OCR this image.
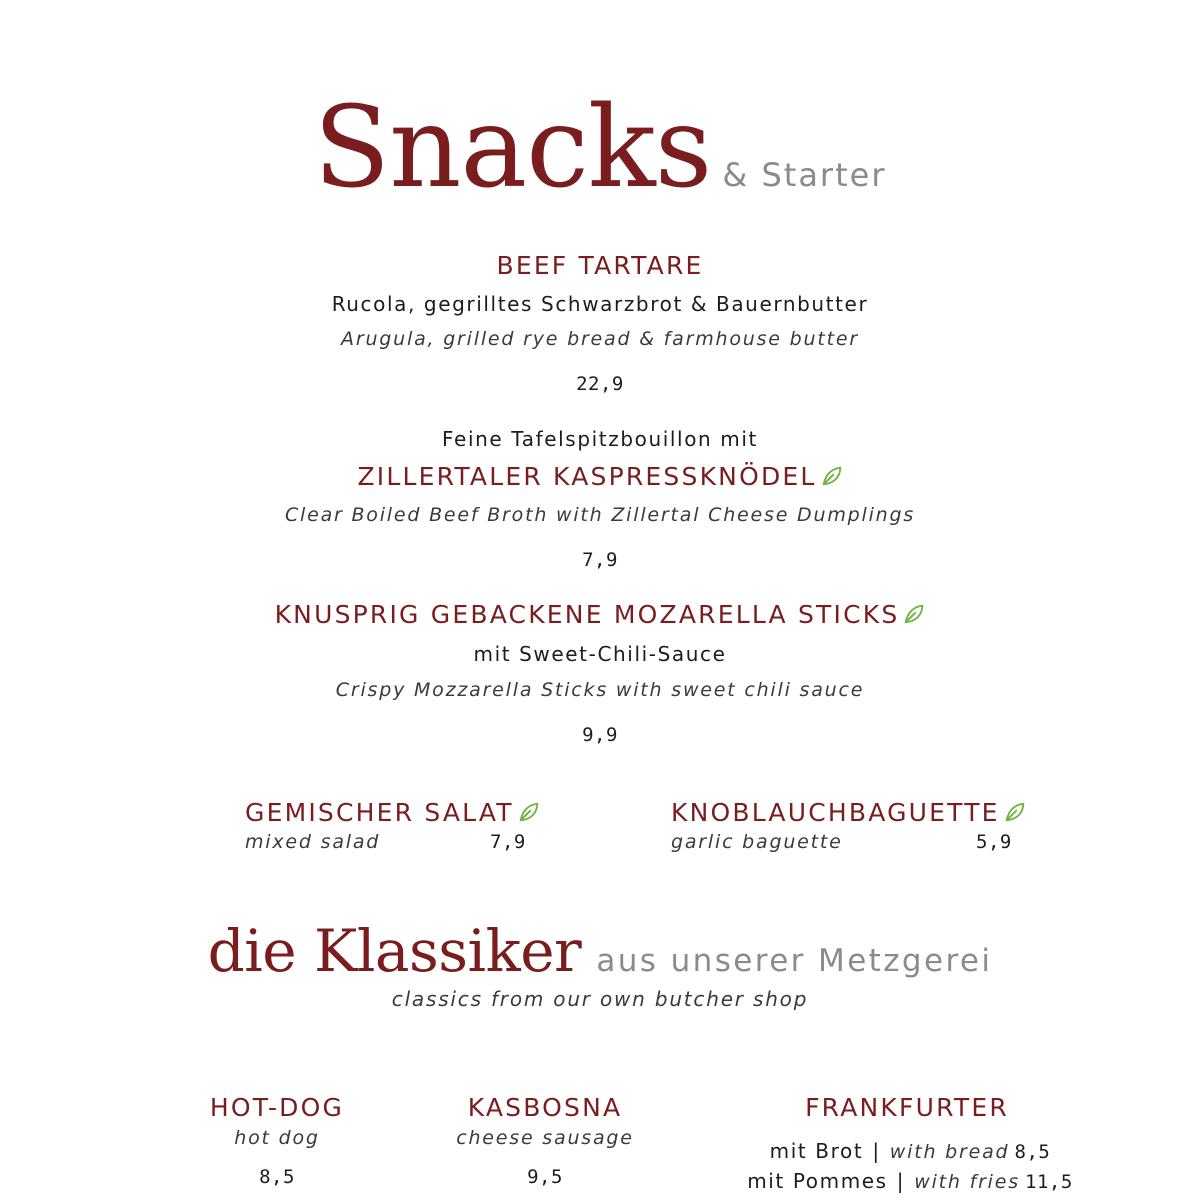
Snacks & Starter
BEEF TARTARE
Rucola, gegrilltes Schwarzbrot & Bauernbutter
Arugula, grilled rye bread & farmhouse butter
22,9
Feine Tafelspitzbouillon mit
ZILLERTALER KASPRESSKNÖDEL
Clear Boiled Beef Broth with Zillertal Cheese Dumplings
7,9
KNUSPRIG GEBACKENE MOZARELLA STICKS
mit Sweet-Chili-Sauce
Crispy Mozzarella Sticks with sweet chili sauce
9,9
GEMISCHER SALAT
mixed salad	7,9
KNOBLAUCHBAGUETTE
garlic baguette	5,9
die Klassiker aus unserer Metzgerei
classics from our own butcher shop
HOT-DOG
hot dog
8,5
KASBOSNA
cheese sausage
9,5
FRANKFURTER
mit Brot | with bread 8,5
mit Pommes | with fries 11,5
